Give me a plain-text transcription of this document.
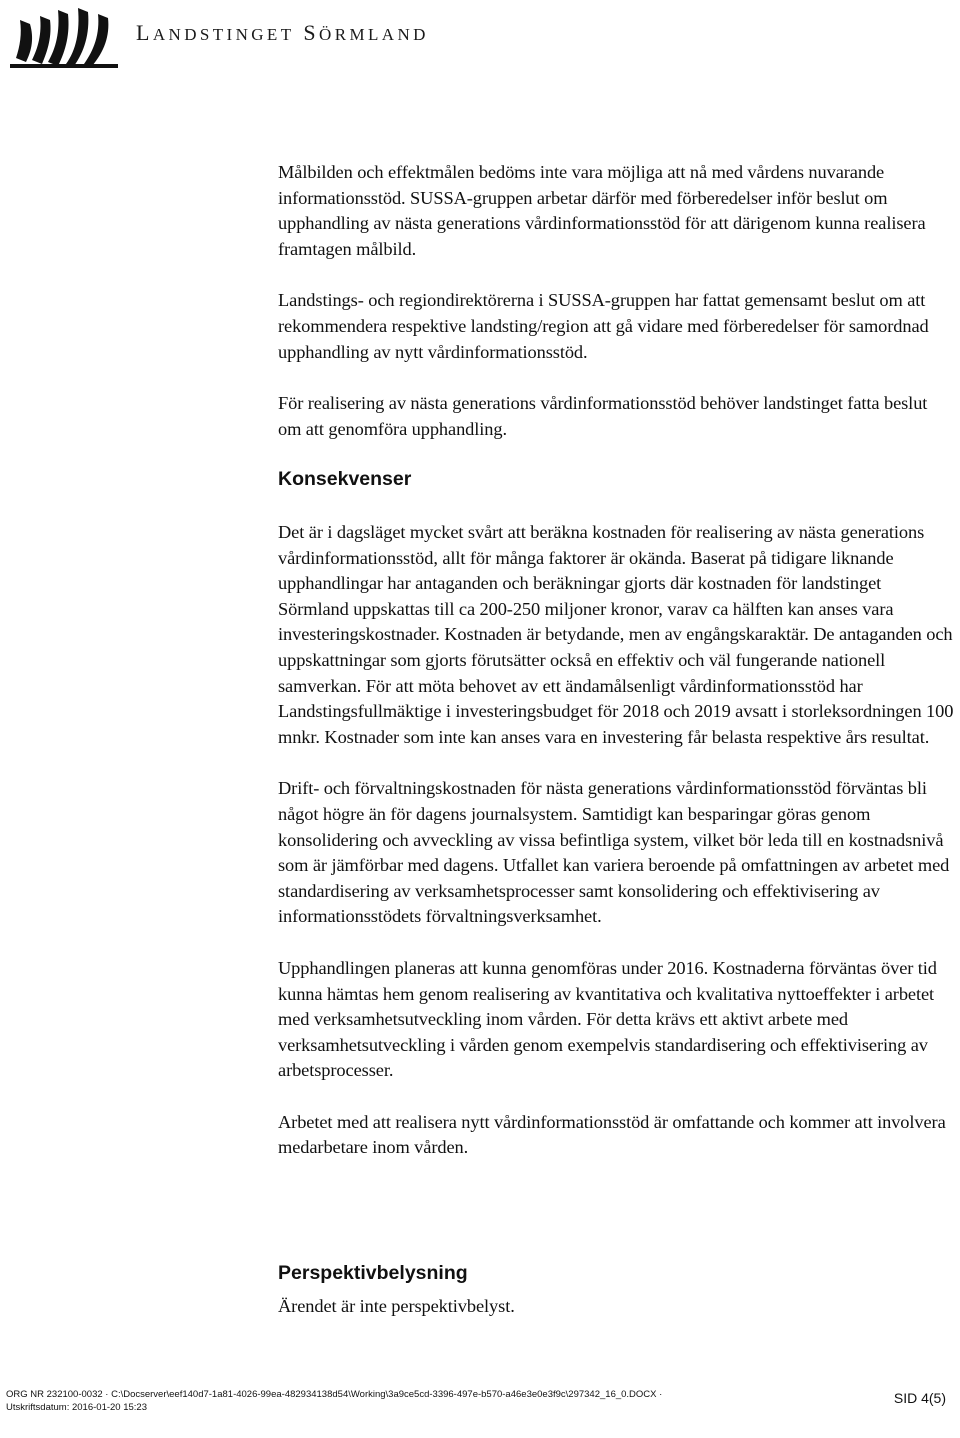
LANDSTINGET SÖRMLAND

Målbilden och effektmålen bedöms inte vara möjliga att nå med vårdens nuvarande informationsstöd. SUSSA-gruppen arbetar därför med förberedelser inför beslut om upphandling av nästa generations vårdinformationsstöd för att därigenom kunna realisera framtagen målbild.

Landstings- och regiondirektörerna i SUSSA-gruppen har fattat gemensamt beslut om att rekommendera respektive landsting/region att gå vidare med förberedelser för samordnad upphandling av nytt vårdinformationsstöd.

För realisering av nästa generations vårdinformationsstöd behöver landstinget fatta beslut om att genomföra upphandling.

Konsekvenser

Det är i dagsläget mycket svårt att beräkna kostnaden för realisering av nästa generations vårdinformationsstöd, allt för många faktorer är okända. Baserat på tidigare liknande upphandlingar har antaganden och beräkningar gjorts där kostnaden för landstinget Sörmland uppskattas till ca 200-250 miljoner kronor, varav ca hälften kan anses vara investeringskostnader. Kostnaden är betydande, men av engångskaraktär. De antaganden och uppskattningar som gjorts förutsätter också en effektiv och väl fungerande nationell samverkan. För att möta behovet av ett ändamålsenligt vårdinformationsstöd har Landstingsfullmäktige i investeringsbudget för 2018 och 2019 avsatt i storleksordningen 100 mnkr. Kostnader som inte kan anses vara en investering får belasta respektive års resultat.

Drift- och förvaltningskostnaden för nästa generations vårdinformationsstöd förväntas bli något högre än för dagens journalsystem. Samtidigt kan besparingar göras genom konsolidering och avveckling av vissa befintliga system, vilket bör leda till en kostnadsnivå som är jämförbar med dagens. Utfallet kan variera beroende på omfattningen av arbetet med standardisering av verksamhetsprocesser samt konsolidering och effektivisering av informationsstödets förvaltningsverksamhet.

Upphandlingen planeras att kunna genomföras under 2016. Kostnaderna förväntas över tid kunna hämtas hem genom realisering av kvantitativa och kvalitativa nyttoeffekter i arbetet med verksamhetsutveckling inom vården. För detta krävs ett aktivt arbete med verksamhetsutveckling i vården genom exempelvis standardisering och effektivisering av arbetsprocesser.

Arbetet med att realisera nytt vårdinformationsstöd är omfattande och kommer att involvera medarbetare inom vården.

Perspektivbelysning

Ärendet är inte perspektivbelyst.

ORG NR 232100-0032 · C:\Docserver\eef140d7-1a81-4026-99ea-482934138d54\Working\3a9ce5cd-3396-497e-b570-a46e3e0e3f9c\297342_16_0.DOCX ·
Utskriftsdatum: 2016-01-20 15:23
SID 4(5)
